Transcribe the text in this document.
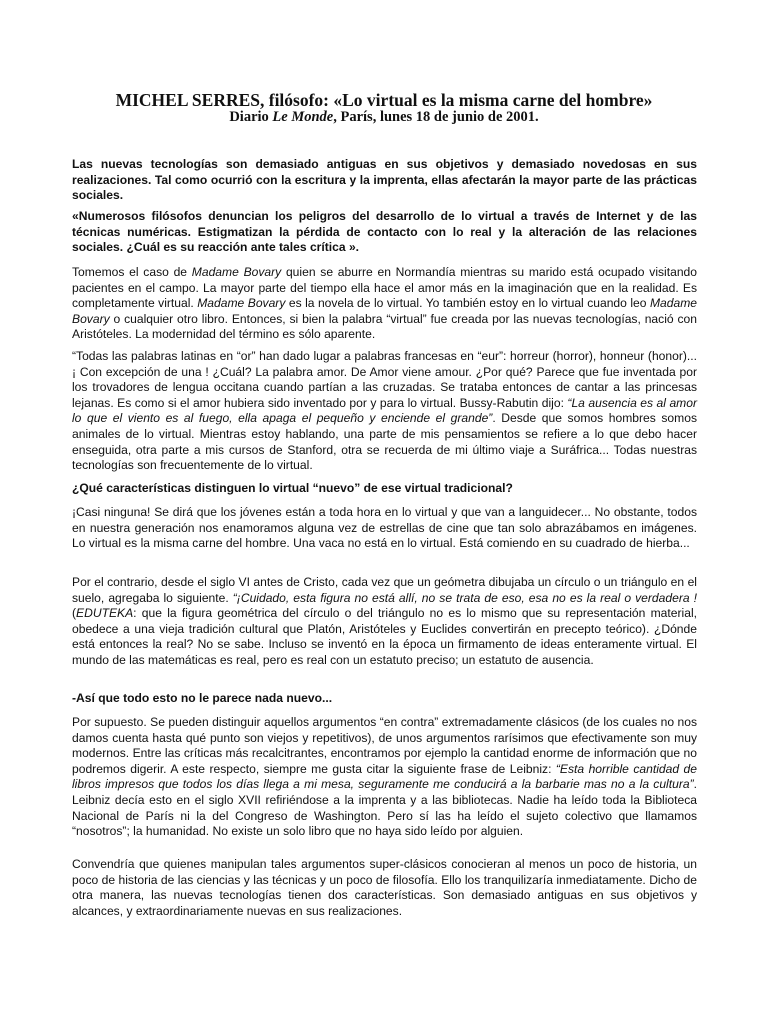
MICHEL SERRES, filósofo: «Lo virtual es la misma carne del hombre»
Diario Le Monde, París, lunes 18 de junio de 2001.

Las nuevas tecnologías son demasiado antiguas en sus objetivos y demasiado novedosas en sus realizaciones. Tal como ocurrió con la escritura y la imprenta, ellas afectarán la mayor parte de las prácticas sociales.

«Numerosos filósofos denuncian los peligros del desarrollo de lo virtual a través de Internet y de las técnicas numéricas. Estigmatizan la pérdida de contacto con lo real y la alteración de las relaciones sociales. ¿Cuál es su reacción ante tales crítica ».

Tomemos el caso de Madame Bovary quien se aburre en Normandía mientras su marido está ocupado visitando pacientes en el campo. La mayor parte del tiempo ella hace el amor más en la imaginación que en la realidad. Es completamente virtual. Madame Bovary es la novela de lo virtual. Yo también estoy en lo virtual cuando leo Madame Bovary o cualquier otro libro. Entonces, si bien la palabra “virtual” fue creada por las nuevas tecnologías, nació con Aristóteles. La modernidad del término es sólo aparente.

“Todas las palabras latinas en “or” han dado lugar a palabras francesas en “eur”: horreur (horror), honneur (honor)... ¡ Con excepción de una ! ¿Cuál? La palabra amor. De Amor viene amour. ¿Por qué? Parece que fue inventada por los trovadores de lengua occitana cuando partían a las cruzadas. Se trataba entonces de cantar a las princesas lejanas. Es como si el amor hubiera sido inventado por y para lo virtual. Bussy-Rabutin dijo: “La ausencia es al amor lo que el viento es al fuego, ella apaga el pequeño y enciende el grande”. Desde que somos hombres somos animales de lo virtual. Mientras estoy hablando, una parte de mis pensamientos se refiere a lo que debo hacer enseguida, otra parte a mis cursos de Stanford, otra se recuerda de mi último viaje a Suráfrica... Todas nuestras tecnologías son frecuentemente de lo virtual.

¿Qué características distinguen lo virtual “nuevo” de ese virtual tradicional?

¡Casi ninguna! Se dirá que los jóvenes están a toda hora en lo virtual y que van a languidecer... No obstante, todos en nuestra generación nos enamoramos alguna vez de estrellas de cine que tan solo abrazábamos en imágenes. Lo virtual es la misma carne del hombre. Una vaca no está en lo virtual. Está comiendo en su cuadrado de hierba...

Por el contrario, desde el siglo VI antes de Cristo, cada vez que un geómetra dibujaba un círculo o un triángulo en el suelo, agregaba lo siguiente. “¡Cuidado, esta figura no está allí, no se trata de eso, esa no es la real o verdadera ! (EDUTEKA: que la figura geométrica del círculo o del triángulo no es lo mismo que su representación material, obedece a una vieja tradición cultural que Platón, Aristóteles y Euclides convertirán en precepto teórico). ¿Dónde está entonces la real? No se sabe. Incluso se inventó en la época un firmamento de ideas enteramente virtual. El mundo de las matemáticas es real, pero es real con un estatuto preciso; un estatuto de ausencia.

-Así que todo esto no le parece nada nuevo...

Por supuesto. Se pueden distinguir aquellos argumentos “en contra” extremadamente clásicos (de los cuales no nos damos cuenta hasta qué punto son viejos y repetitivos), de unos argumentos rarísimos que efectivamente son muy modernos. Entre las críticas más recalcitrantes, encontramos por ejemplo la cantidad enorme de información que no podremos digerir. A este respecto, siempre me gusta citar la siguiente frase de Leibniz: “Esta horrible cantidad de libros impresos que todos los días llega a mi mesa, seguramente me conducirá a la barbarie mas no a la cultura”. Leibniz decía esto en el siglo XVII refiriéndose a la imprenta y a las bibliotecas. Nadie ha leído toda la Biblioteca Nacional de París ni la del Congreso de Washington. Pero sí las ha leído el sujeto colectivo que llamamos “nosotros”; la humanidad. No existe un solo libro que no haya sido leído por alguien.

Convendría que quienes manipulan tales argumentos super-clásicos conocieran al menos un poco de historia, un poco de historia de las ciencias y las técnicas y un poco de filosofía. Ello los tranquilizaría inmediatamente. Dicho de otra manera, las nuevas tecnologías tienen dos características. Son demasiado antiguas en sus objetivos y alcances, y extraordinariamente nuevas en sus realizaciones.
